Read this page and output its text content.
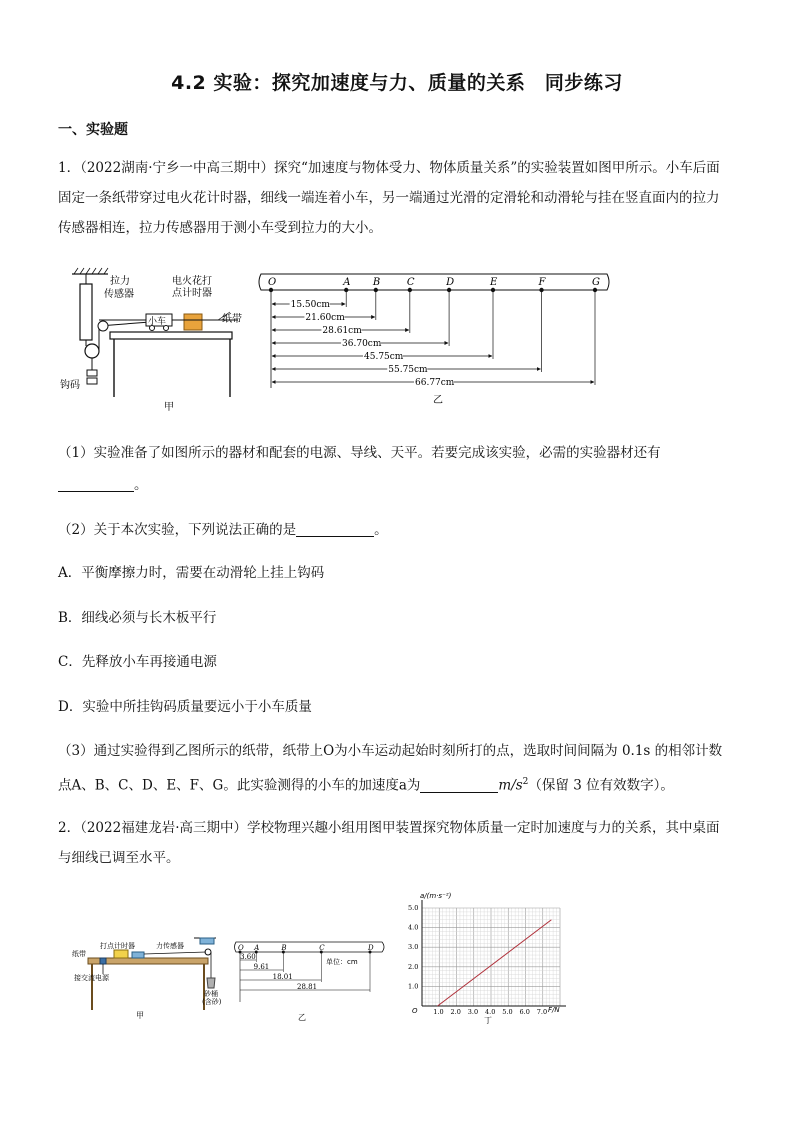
4.2 实验：探究加速度与力、质量的关系　同步练习
一、实验题
1．（2022湖南·宁乡一中高三期中）探究“加速度与物体受力、物体质量关系”的实验装置如图甲所示。小车后面
固定一条纸带穿过电火花计时器，细线一端连着小车，另一端通过光滑的定滑轮和动滑轮与挂在竖直面内的拉力
传感器相连，拉力传感器用于测小车受到拉力的大小。
拉力
传感器
电火花打
点计时器
小车	纸带
钩码
甲
O	A B	C	D	E	F	G
15.50cm
21.60cm
28.61cm
36.70cm
45.75cm
55.75cm
66.77cm
乙
（1）实验准备了如图所示的器材和配套的电源、导线、天平。若要完成该实验，必需的实验器材还有
。
（2）关于本次实验，下列说法正确的是	。
A．平衡摩擦力时，需要在动滑轮上挂上钩码
B．细线必须与长木板平行
C．先释放小车再接通电源
D．实验中所挂钩码质量要远小于小车质量
（3）通过实验得到乙图所示的纸带，纸带上O为小车运动起始时刻所打的点，选取时间间隔为 0.1s 的相邻计数
点A、B、C、D、E、F、G。此实验测得的小车的加速度a为	$m/s^2$（保留 3 位有效数字）。
2．（2022福建龙岩·高三期中）学校物理兴趣小组用图甲装置探究物体质量一定时加速度与力的关系，其中桌面
与细线已调至水平。
打点计时器	力传感器
纸带
接交流电源
砂桶
(含砂)
甲
O A	B	C	D
3.60
9.61
18.01
28.81
单位：cm
乙
1.0 2.0 3.0 4.0 5.0 6.0 7.0
1.0
2.0
3.0
4.0
5.0
a/(m·s⁻²)
F/N
O
丁
